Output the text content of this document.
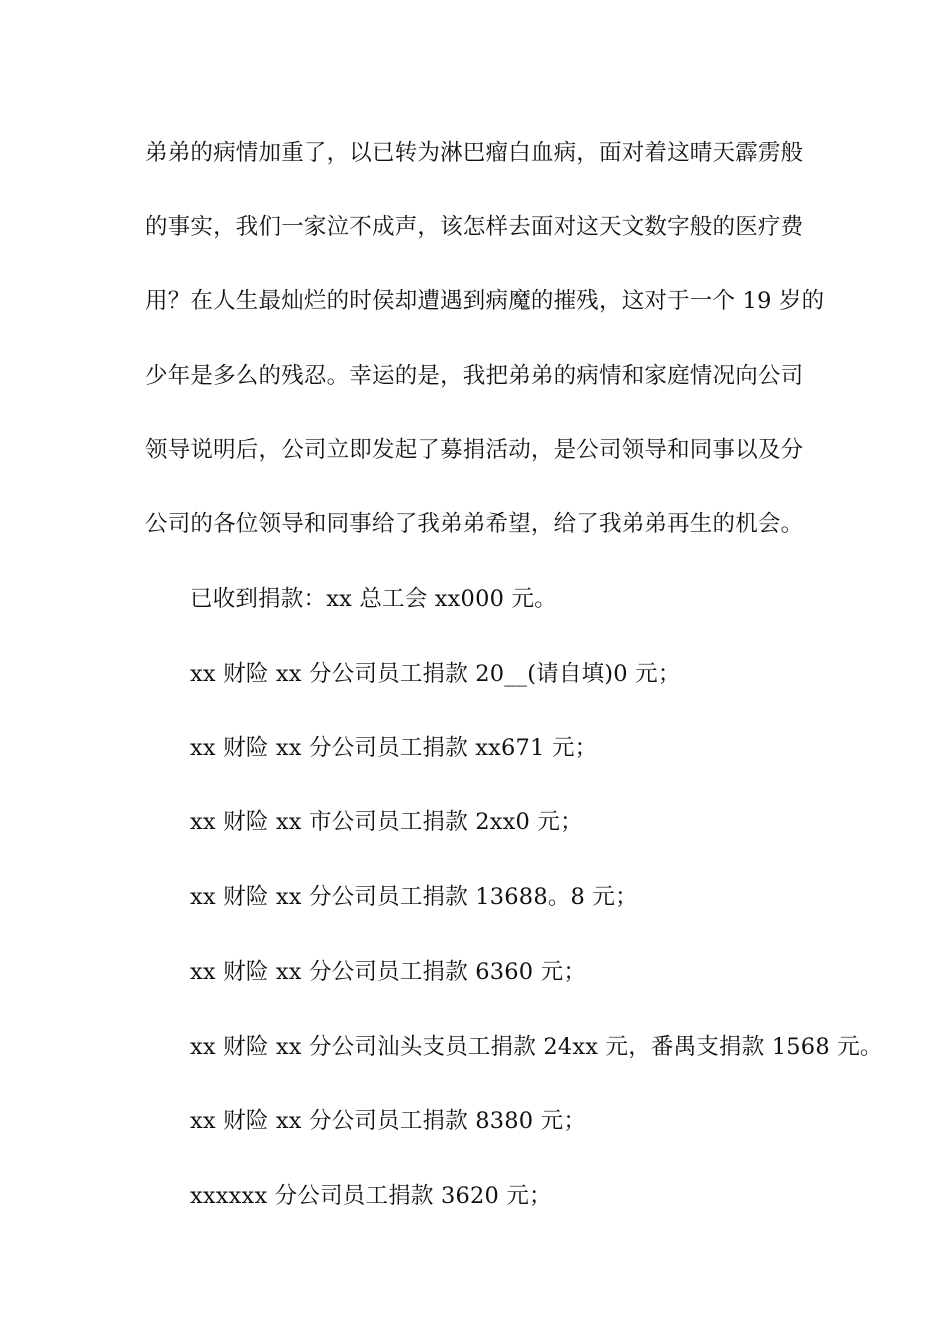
弟弟的病情加重了，以已转为淋巴瘤白血病，面对着这晴天霹雳般
的事实，我们一家泣不成声，该怎样去面对这天文数字般的医疗费
用？在人生最灿烂的时侯却遭遇到病魔的摧残，这对于一个 19 岁的
少年是多么的残忍。幸运的是，我把弟弟的病情和家庭情况向公司
领导说明后，公司立即发起了募捐活动，是公司领导和同事以及分
公司的各位领导和同事给了我弟弟希望，给了我弟弟再生的机会。
已收到捐款：xx 总工会 xx000 元。
xx 财险 xx 分公司员工捐款 20__(请自填)0 元；
xx 财险 xx 分公司员工捐款 xx671 元；
xx 财险 xx 市公司员工捐款 2xx0 元；
xx 财险 xx 分公司员工捐款 13688。8 元；
xx 财险 xx 分公司员工捐款 6360 元；
xx 财险 xx 分公司汕头支员工捐款 24xx 元，番禺支捐款 1568 元。
xx 财险 xx 分公司员工捐款 8380 元；
xxxxxx 分公司员工捐款 3620 元；
